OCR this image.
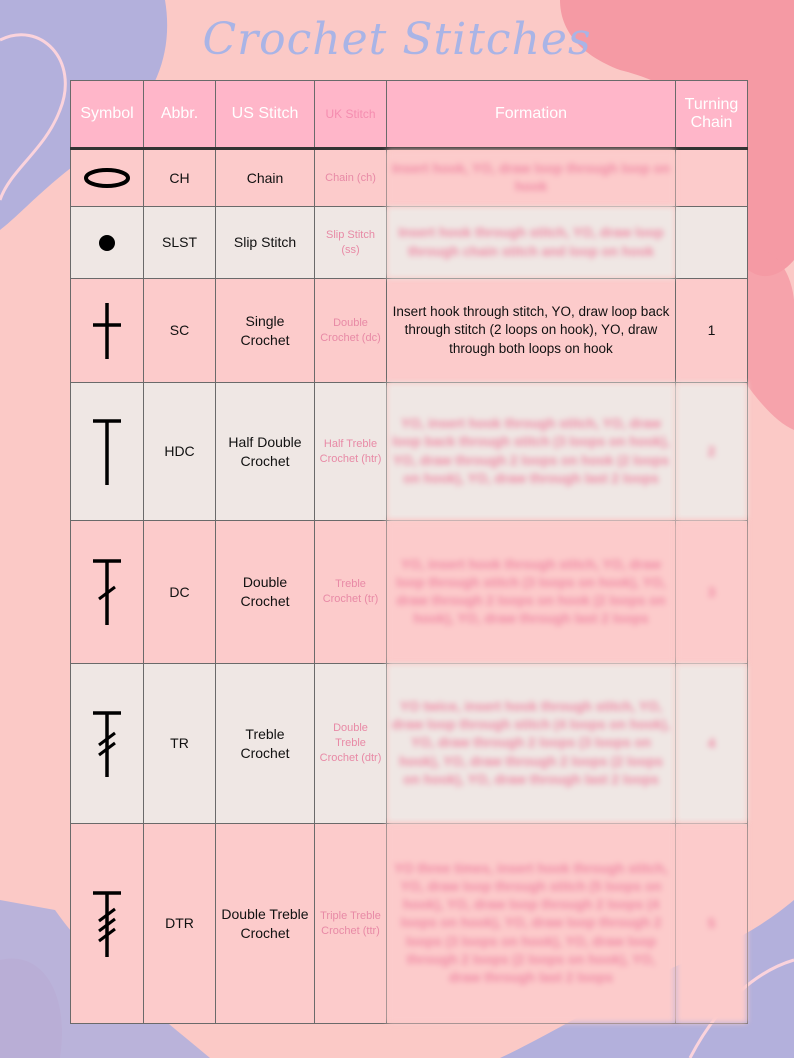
Crochet Stitches
Symbol	Abbr.	US Stitch	UK Stitch	Formation	Turning Chain

	CH	Chain	Chain (ch)	Insert hook, YO, draw loop through loop on hook	

	SLST	Slip Stitch	Slip Stitch (ss)	Insert hook through stitch, YO, draw loop through chain stitch and loop on hook	

	SC	Single Crochet	Double Crochet (dc)	Insert hook through stitch, YO, draw loop back through stitch (2 loops on hook), YO, draw through both loops on hook	1

	HDC	Half Double Crochet	Half Treble Crochet (htr)	YO, insert hook through stitch, YO, draw loop back through stitch (3 loops on hook), YO, draw through 2 loops on hook (2 loops on hook), YO, draw through last 2 loops	2

	DC	Double Crochet	Treble Crochet (tr)	YO, insert hook through stitch, YO, draw loop through stitch (3 loops on hook), YO, draw through 2 loops on hook (2 loops on hook), YO, draw through last 2 loops	3

	TR	Treble Crochet	Double Treble Crochet (dtr)	YO twice, insert hook through stitch, YO, draw loop through stitch (4 loops on hook), YO, draw through 2 loops (3 loops on hook), YO, draw through 2 loops (2 loops on hook), YO, draw through last 2 loops	4

	DTR	Double Treble Crochet	Triple Treble Crochet (ttr)	YO three times, insert hook through stitch, YO, draw loop through stitch (5 loops on hook), YO, draw loop through 2 loops (4 loops on hook), YO, draw loop through 2 loops (3 loops on hook), YO, draw loop through 2 loops (2 loops on hook), YO, draw through last 2 loops	5
